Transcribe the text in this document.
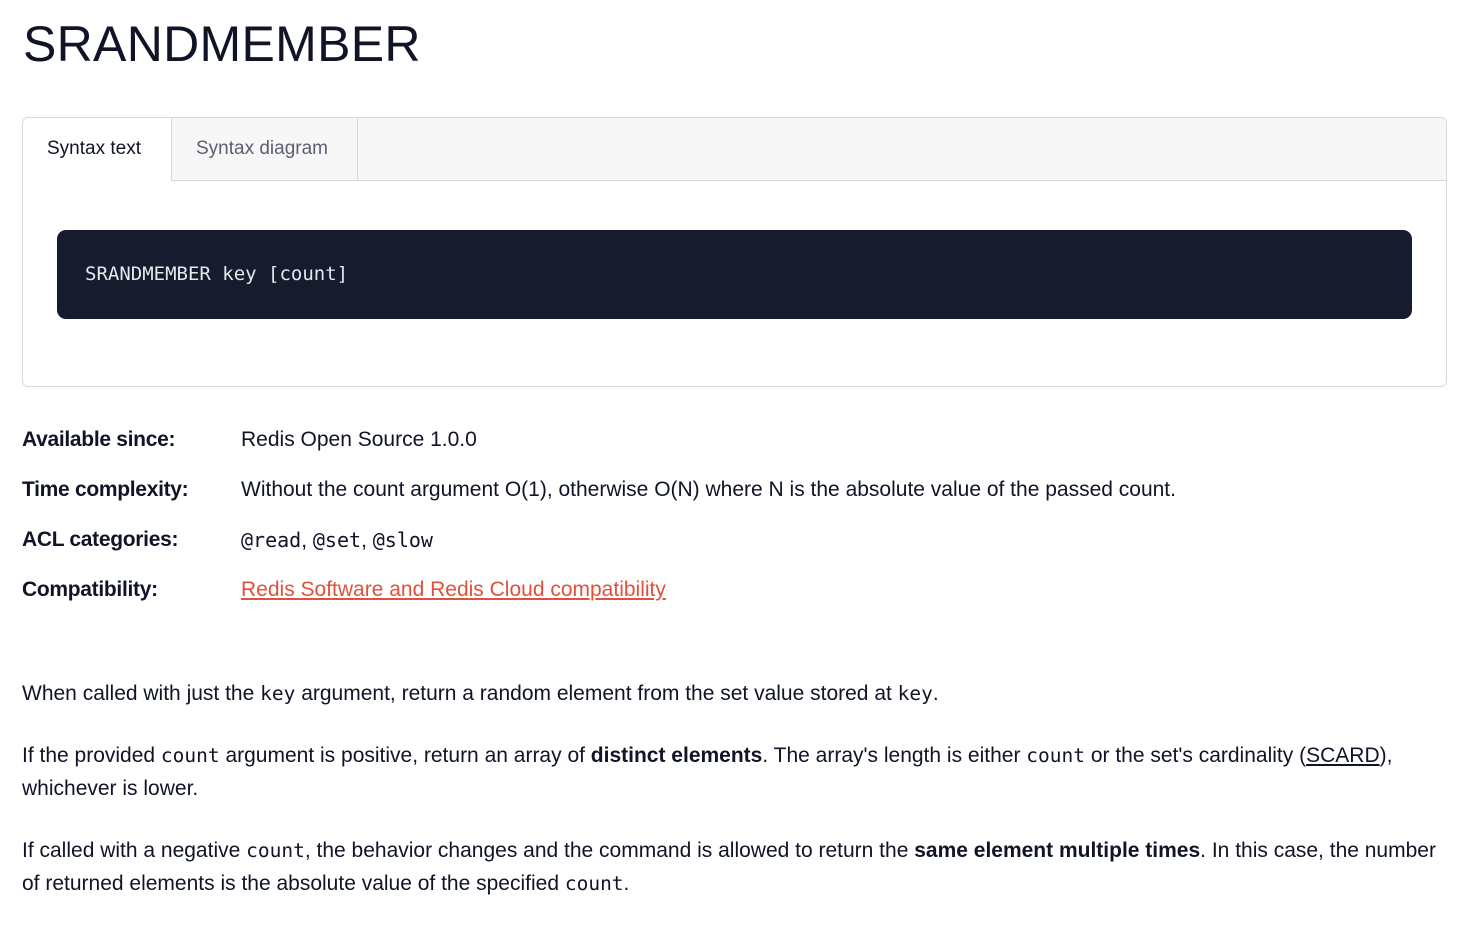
SRANDMEMBER
Syntax text	Syntax diagram
SRANDMEMBER key [count]
Available since:	Redis Open Source 1.0.0
Time complexity:	Without the count argument O(1), otherwise O(N) where N is the absolute value of the passed count.
ACL categories:	@read, @set, @slow
Compatibility:	Redis Software and Redis Cloud compatibility

When called with just the key argument, return a random element from the set value stored at key.

If the provided count argument is positive, return an array of distinct elements. The array's length is either count or the set's cardinality (SCARD), whichever is lower.

If called with a negative count, the behavior changes and the command is allowed to return the same element multiple times. In this case, the number of returned elements is the absolute value of the specified count.
